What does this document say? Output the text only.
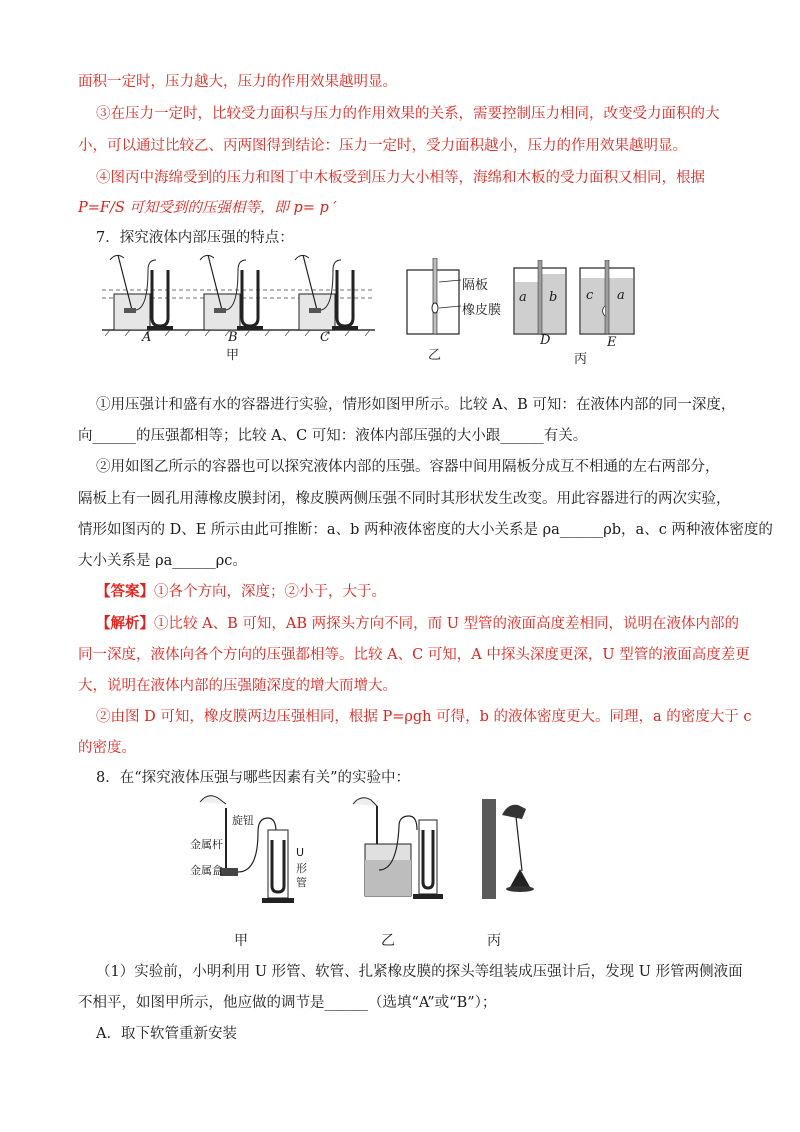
面积一定时，压力越大，压力的作用效果越明显。
③在压力一定时，比较受力面积与压力的作用效果的关系，需要控制压力相同，改变受力面积的大
小，可以通过比较乙、丙两图得到结论：压力一定时，受力面积越小，压力的作用效果越明显。
④图丙中海绵受到的压力和图丁中木板受到压力大小相等，海绵和木板的受力面积又相同，根据
P=F/S 可知受到的压强相等，即 p= p ′
7．探究液体内部压强的特点：
A	B	C
甲
隔板
橡皮膜
乙
a b
D
c a
丙
E
①用压强计和盛有水的容器进行实验，情形如图甲所示。比较 A、B 可知：在液体内部的同一深度，
向______的压强都相等；比较 A、C 可知：液体内部压强的大小跟______有关。
②用如图乙所示的容器也可以探究液体内部的压强。容器中间用隔板分成互不相通的左右两部分，
隔板上有一圆孔用薄橡皮膜封闭，橡皮膜两侧压强不同时其形状发生改变。用此容器进行的两次实验，
情形如图丙的 D、E 所示由此可推断：a、b 两种液体密度的大小关系是 ρa______ρb，a、c 两种液体密度的
大小关系是 ρa______ρc。
【答案】①各个方向，深度；②小于，大于。
【解析】①比较 A、B 可知，AB 两探头方向不同，而 U 型管的液面高度差相同，说明在液体内部的
同一深度，液体向各个方向的压强都相等。比较 A、C 可知，A 中探头深度更深，U 型管的液面高度差更
大，说明在液体内部的压强随深度的增大而增大。
②由图 D 可知，橡皮膜两边压强相同，根据 P=ρgh 可得，b 的液体密度更大。同理，a 的密度大于 c
的密度。
8．在“探究液体压强与哪些因素有关”的实验中：
旋钮
金属杆
金属盒
U
形
管
甲	乙	丙
（1）实验前，小明利用 U 形管、软管、扎紧橡皮膜的探头等组装成压强计后，发现 U 形管两侧液面
不相平，如图甲所示，他应做的调节是______（选填“A”或“B”）；
A．取下软管重新安装
